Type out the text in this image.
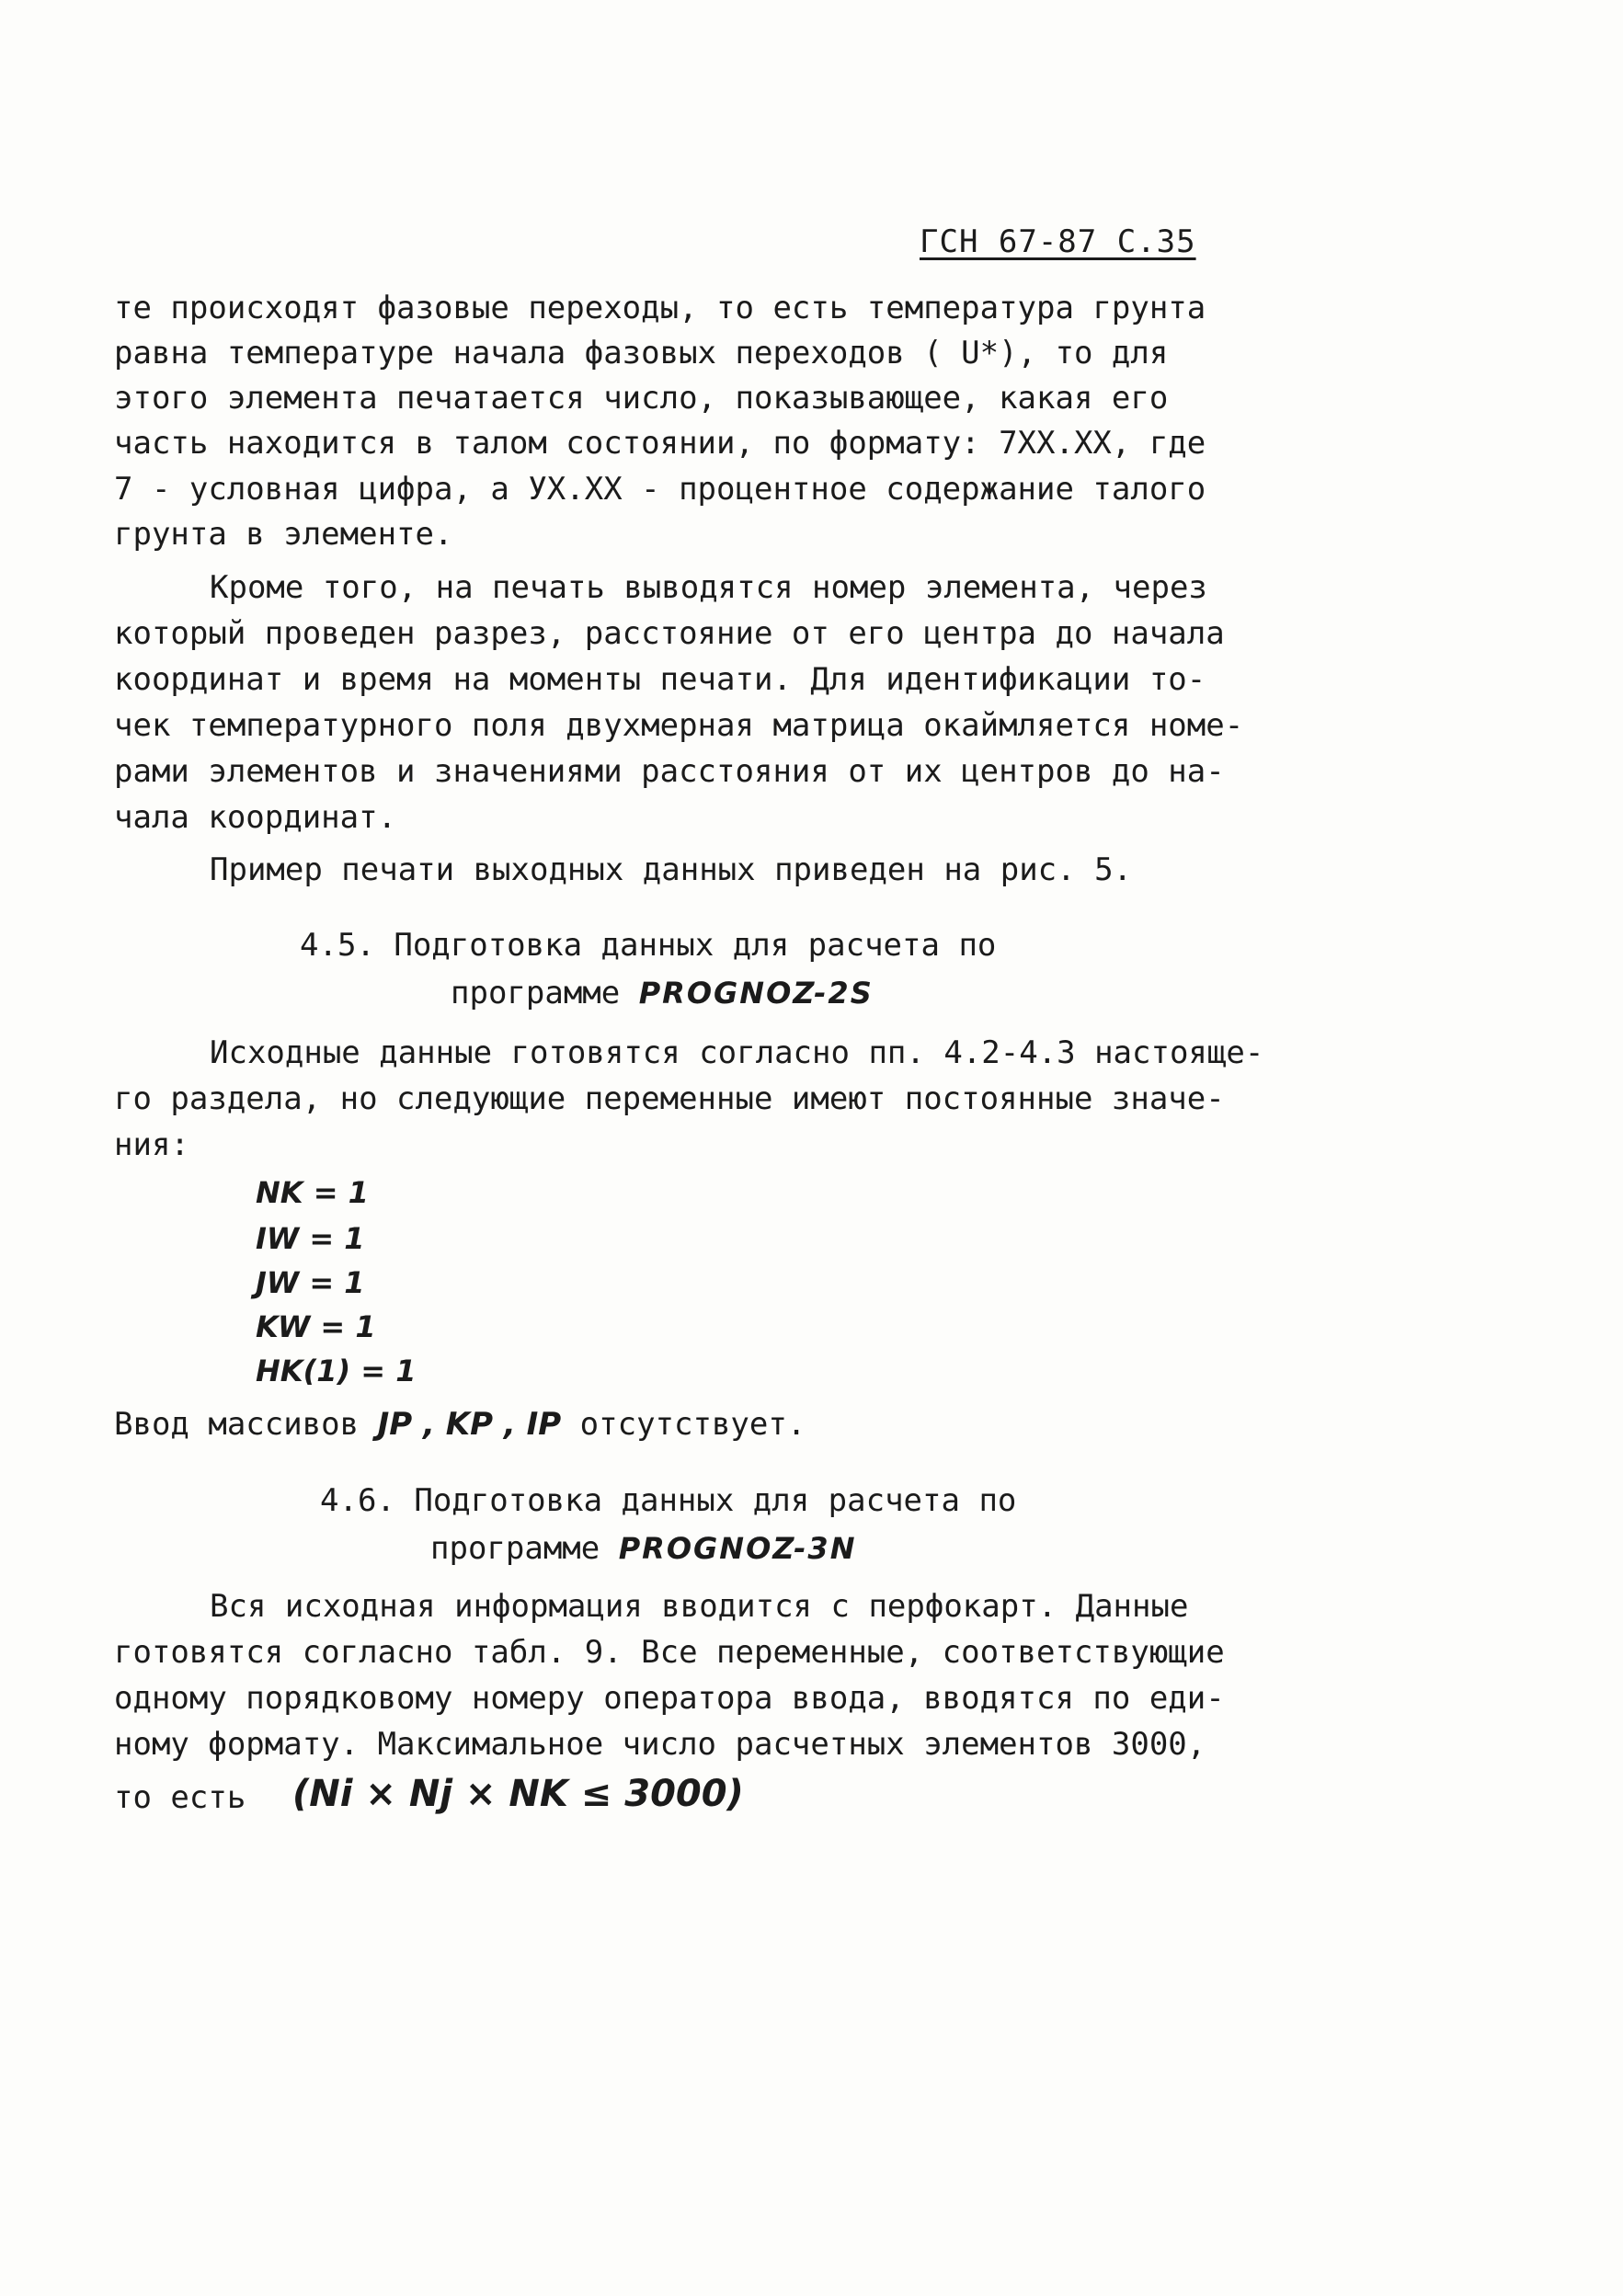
ГСН 67-87 С.35
те происходят фазовые переходы, то есть температура грунта
равна температуре начала фазовых переходов ( U*), то для
этого элемента печатается число, показывающее, какая его
часть находится в талом состоянии, по формату: 7XX.XX, где
7 - условная цифра, а УХ.ХХ - процентное содержание талого
грунта в элементе.
Кроме того, на печать выводятся номер элемента, через
который проведен разрез, расстояние от его центра до начала
координат и время на моменты печати. Для идентификации то-
чек температурного поля двухмерная матрица окаймляется номе-
рами элементов и значениями расстояния от их центров до на-
чала координат.
Пример печати выходных данных приведен на рис. 5.
4.5. Подготовка данных для расчета по
программе PROGNOZ-2S
Исходные данные готовятся согласно пп. 4.2-4.3 настояще-
го раздела, но следующие переменные имеют постоянные значе-
ния:
NK = 1
IW = 1
JW = 1
KW = 1
HK(1) = 1
Ввод массивов JP , KP , IP отсутствует.
4.6. Подготовка данных для расчета по
программе PROGNOZ-3N
Вся исходная информация вводится с перфокарт. Данные
готовятся согласно табл. 9. Все переменные, соответствующие
одному порядковому номеру оператора ввода, вводятся по еди-
ному формату. Максимальное число расчетных элементов 3000,
то есть (Ni × Nj × NK ≤ 3000)
